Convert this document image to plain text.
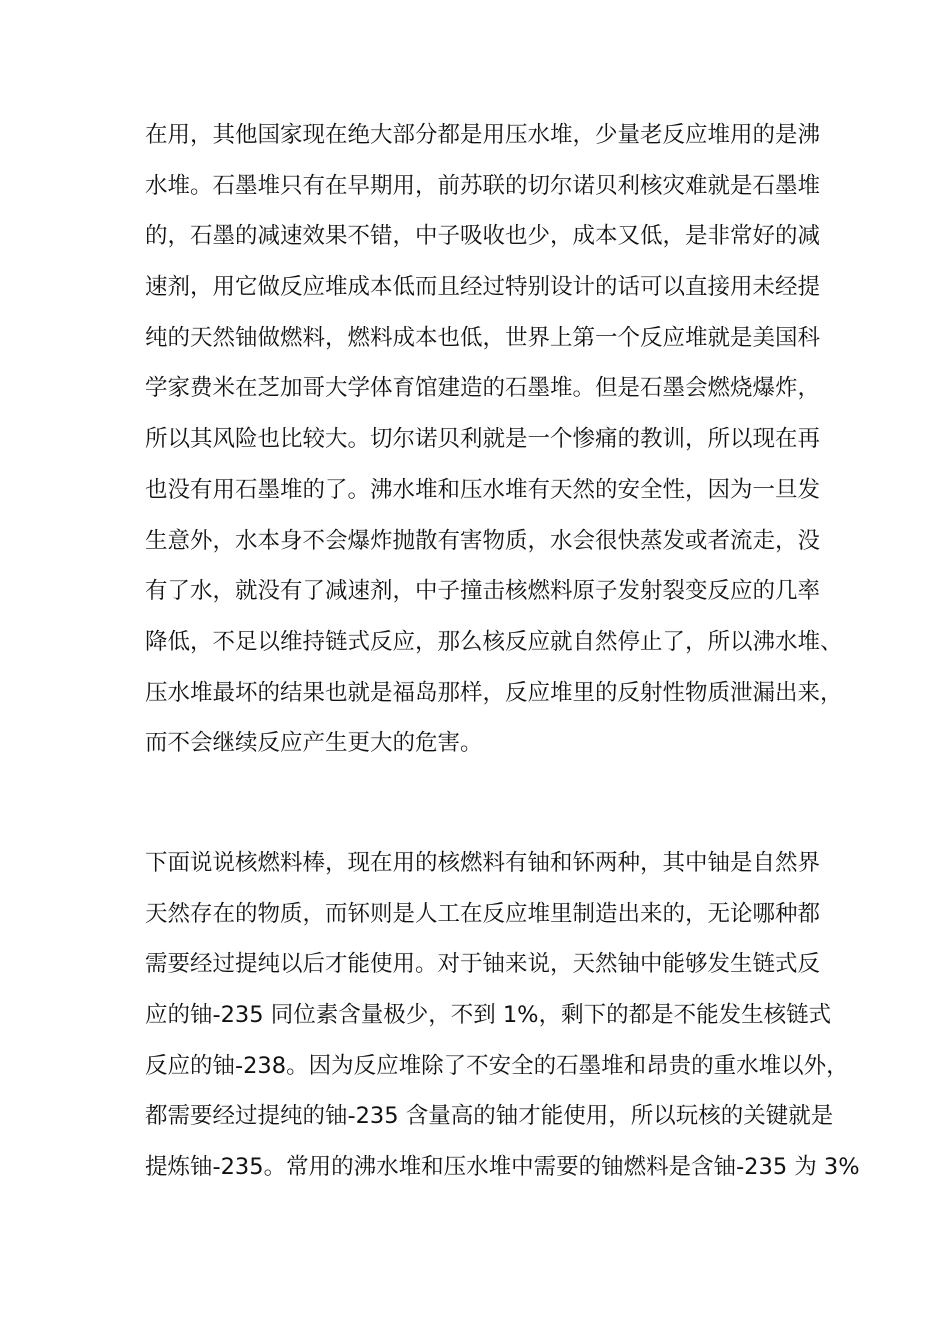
在用，其他国家现在绝大部分都是用压水堆，少量老反应堆用的是沸
水堆。石墨堆只有在早期用，前苏联的切尔诺贝利核灾难就是石墨堆
的，石墨的减速效果不错，中子吸收也少，成本又低，是非常好的减
速剂，用它做反应堆成本低而且经过特别设计的话可以直接用未经提
纯的天然铀做燃料，燃料成本也低，世界上第一个反应堆就是美国科
学家费米在芝加哥大学体育馆建造的石墨堆。但是石墨会燃烧爆炸，
所以其风险也比较大。切尔诺贝利就是一个惨痛的教训，所以现在再
也没有用石墨堆的了。沸水堆和压水堆有天然的安全性，因为一旦发
生意外，水本身不会爆炸抛散有害物质，水会很快蒸发或者流走，没
有了水，就没有了减速剂，中子撞击核燃料原子发射裂变反应的几率
降低，不足以维持链式反应，那么核反应就自然停止了，所以沸水堆、
压水堆最坏的结果也就是福岛那样，反应堆里的反射性物质泄漏出来，
而不会继续反应产生更大的危害。
下面说说核燃料棒，现在用的核燃料有铀和钚两种，其中铀是自然界
天然存在的物质，而钚则是人工在反应堆里制造出来的，无论哪种都
需要经过提纯以后才能使用。对于铀来说，天然铀中能够发生链式反
应的铀-235 同位素含量极少，不到 1%，剩下的都是不能发生核链式
反应的铀-238。因为反应堆除了不安全的石墨堆和昂贵的重水堆以外，
都需要经过提纯的铀-235 含量高的铀才能使用，所以玩核的关键就是
提炼铀-235。常用的沸水堆和压水堆中需要的铀燃料是含铀-235 为 3%
